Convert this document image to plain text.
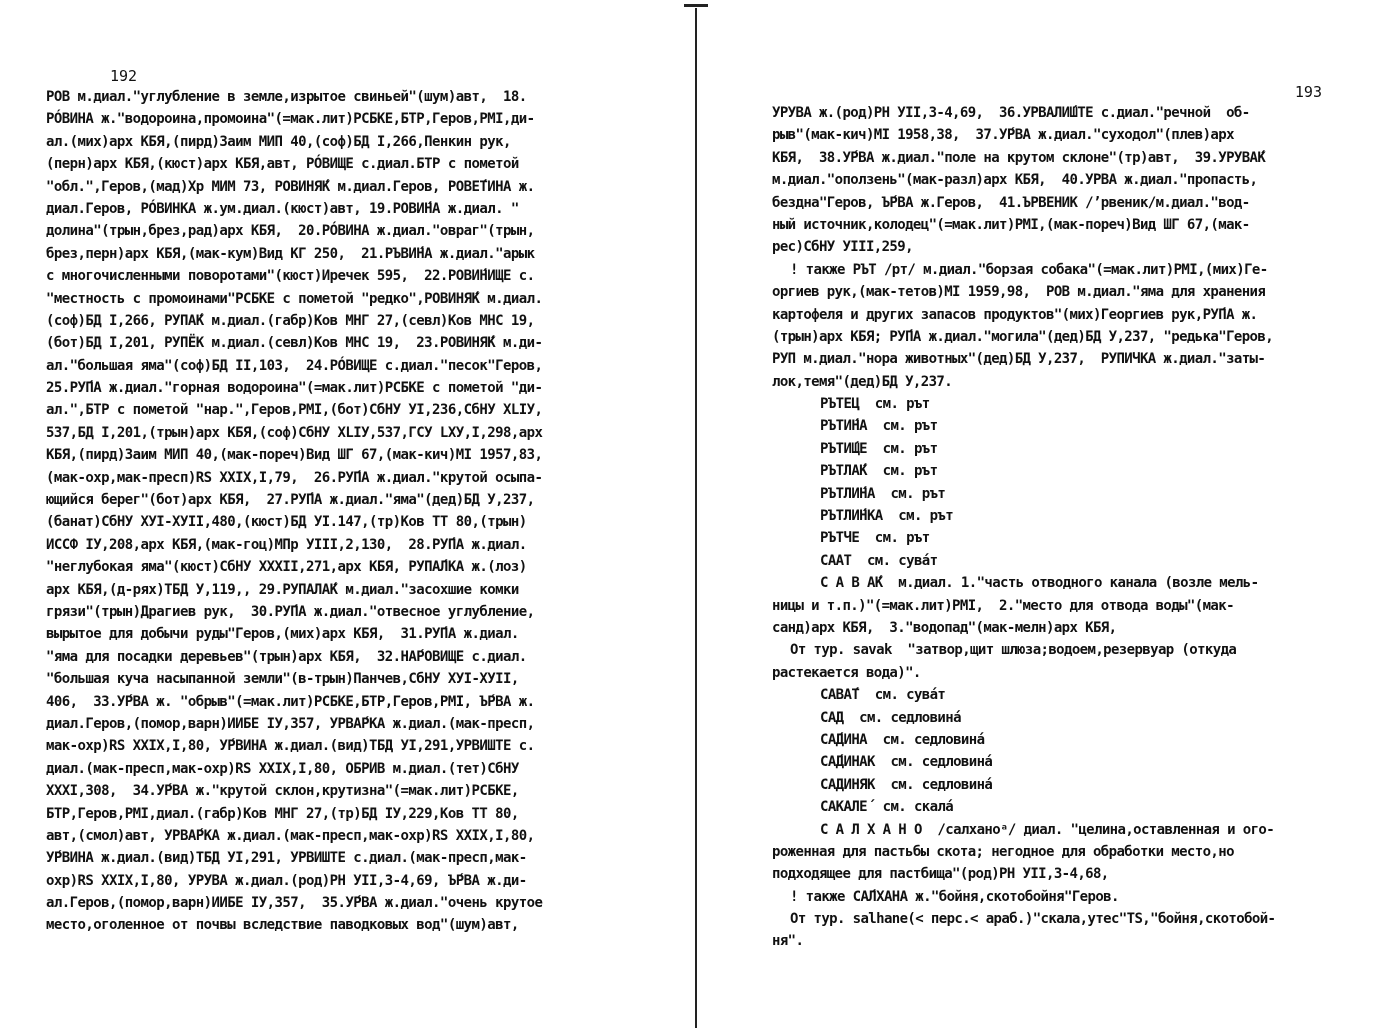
192
РОВ м.диал."углубление в земле,изрытое свиньей"(шум)авт,  18.
РÓВИНА ж."водороина,промоина"(=мак.лит)РСБКЕ,БТР,Геров,РМI,ди-
ал.(мих)арх КБЯ,(пирд)Заим МИП 40,(соф)БД I,266,Пенкин рук,
(перн)арх КБЯ,(кюст)арх КБЯ,авт, РÓВИЩЕ с.диал.БТР с пометой
"обл.",Геров,(мад)Хр МИМ 73, РОВИНЯ́К м.диал.Геров, РОВЕ́ТИНА ж.
диал.Геров, РÓВИНКА ж.ум.диал.(кюст)авт, 19.РОВИ́НА ж.диал. "
долина"(трын,брез,рад)арх КБЯ,  20.РÓВИНА ж.диал."овраг"(трын,
брез,перн)арх КБЯ,(мак-кум)Вид КГ 250,  21.РЪВИ́НА ж.диал."арык
с многочисленными поворотами"(кюст)Иречек 595,  22.РОВИ́НИЩЕ с.
"местность с промоинами"РСБКЕ с пометой "редко",РОВИНЯ́К м.диал.
(соф)БД I,266, РУПА́К м.диал.(габр)Ков МНГ 27,(севл)Ков МНС 19,
(бот)БД I,201, РУПЁК м.диал.(севл)Ков МНС 19,  23.РОВИНЯ́К м.ди-
ал."большая яма"(соф)БД II,103,  24.РÓВИЩЕ с.диал."песок"Геров,
25.РУ́ПА ж.диал."горная водороина"(=мак.лит)РСБКЕ с пометой "ди-
ал.",БТР с пометой "нар.",Геров,РМI,(бот)СбНУ УI,236,СбНУ XLIУ,
537,БД I,201,(трын)арх КБЯ,(соф)СбНУ XLIУ,537,ГСУ LXУ,I,298,арх
КБЯ,(пирд)Заим МИП 40,(мак-пореч)Вид ШГ 67,(мак-кич)МI 1957,83,
(мак-охр,мак-пресп)RS XXIX,I,79,  26.РУ́ПА ж.диал."крутой осыпа-
ющийся берег"(бот)арх КБЯ,  27.РУ́ПА ж.диал."яма"(дед)БД У,237,
(банат)СбНУ XУI-XУII,480,(кюст)БД УI.147,(тр)Ков ТТ 80,(трын)
ИССФ IУ,208,арх КБЯ,(мак-гоц)МПр УIII,2,130,  28.РУ́ПА ж.диал.
"неглубокая яма"(кюст)СбНУ XXXII,271,арх КБЯ, РУПА́ЛКА ж.(лоз)
арх КБЯ,(д-рях)ТБД У,119,, 29.РУПАЛА́К м.диал."засохшие комки
грязи"(трын)Драгиев рук,  30.РУ́ПА ж.диал."отвесное углубление,
вырытое для добычи руды"Геров,(мих)арх КБЯ,  31.РУ́ПА ж.диал.
"яма для посадки деревьев"(трын)арх КБЯ,  32.НА́РОВИЩЕ с.диал.
"большая куча насыпанной земли"(в-трын)Панчев,СбНУ XУI-XУII,
406,  33.У́РВА ж. "обрыв"(=мак.лит)РСБКЕ,БТР,Геров,РМI, Ъ́РВА ж.
диал.Геров,(помор,варн)ИИБЕ IУ,357, УРВА́РКА ж.диал.(мак-пресп,
мак-охр)RS XXIX,I,80, У́РВИНА ж.диал.(вид)ТБД УI,291,УРВИШТЕ с.
диал.(мак-пресп,мак-охр)RS XXIX,I,80, ОБРИВ м.диал.(тет)СбНУ
XXXI,308,  34.У́РВА ж."крутой склон,крутизна"(=мак.лит)РСБКЕ,
БТР,Геров,РМI,диал.(габр)Ков МНГ 27,(тр)БД IУ,229,Ков ТТ 80,
авт,(смол)авт, УРВА́РКА ж.диал.(мак-пресп,мак-охр)RS XXIX,I,80,
У́РВИНА ж.диал.(вид)ТБД УI,291, УРВИШТЕ с.диал.(мак-пресп,мак-
охр)RS XXIX,I,80, УРУВА ж.диал.(род)РН УII,3-4,69, Ъ́РВА ж.ди-
ал.Геров,(помор,варн)ИИБЕ IУ,357,  35.У́РВА ж.диал."очень крутое
место,оголенное от почвы вследствие паводковых вод"(шум)авт,
193
УРУВА ж.(род)РН УII,3-4,69,  36.УРВАЛИ́ШТЕ с.диал."речной  об-
рыв"(мак-кич)МI 1958,38,  37.У́РВА ж.диал."суходол"(плев)арх
КБЯ,  38.У́РВА ж.диал."поле на крутом склоне"(тр)авт,  39.УРУВА́К
м.диал."оползень"(мак-разл)арх КБЯ,  40.УРВА ж.диал."пропасть,
бездна"Геров, Ъ́РВА ж.Геров,  41.ЪРВЕНИК /ʼрвеник/м.диал."вод-
ный источник,колодец"(=мак.лит)РМI,(мак-пореч)Вид ШГ 67,(мак-
рес)СбНУ УIII,259,
! также РЪТ /рт/ м.диал."борзая собака"(=мак.лит)РМI,(мих)Ге-
оргиев рук,(мак-тетов)МI 1959,98,  РОВ м.диал."яма для хранения
картофеля и других запасов продуктов"(мих)Георгиев рук,РУ́ПА ж.
(трын)арх КБЯ; РУ́ПА ж.диал."могила"(дед)БД У,237, "редька"Геров,
РУП м.диал."нора животных"(дед)БД У,237,  РУПИЧКА ж.диал."заты-
лок,темя"(дед)БД У,237.
РЪТЕЦ  см. рът
РЪТИ́НА  см. рът
РЪТИ́ЩЕ  см. рът
РЪТЛА́К  см. рът
РЪТЛИ́НА  см. рът
РЪТЛИ́НКА  см. рът
РЪТЧЕ  см. рът
СААТ  см. сувáт
С А В А́К  м.диал. 1."часть отводного канала (возле мель-
ницы и т.п.)"(=мак.лит)РМI,  2."место для отвода воды"(мак-
санд)арх КБЯ,  3."водопад"(мак-мелн)арх КБЯ,
От тур. savak  "затвор,щит шлюза;водоем,резервуар (откуда
растекается вода)".
САВА́Т  см. сувáт
САД  см. седловинá
СА́ДИНА  см. седловинá
СА́ДИНАК  см. седловинá
САДИНЯК  см. седловинá
САКАЛЕ́  см. скалá
С А Л Х А Н О  /салханоᵃ/ диал. "целина,оставленная и ого-
роженная для пастьбы скота; негодное для обработки место,но
подходящее для пастбища"(род)РН УII,3-4,68,
! также СА́ЛХАНА ж."бойня,скотобойня"Геров.
От тур. salhane(< перс.< араб.)"скала,утес"TS,"бойня,скотобой-
ня".
